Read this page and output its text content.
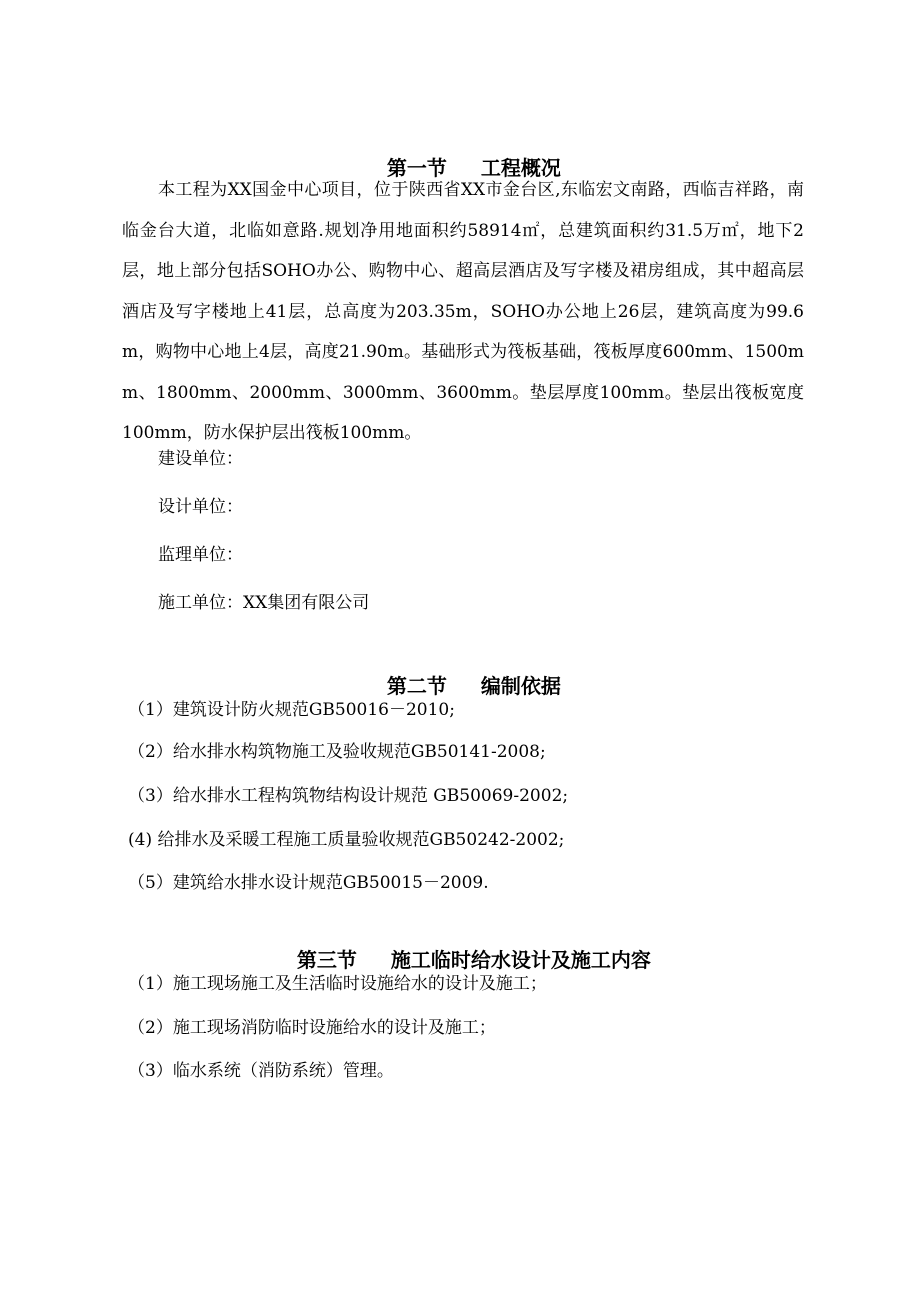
第一节 工程概况

本工程为XX国金中心项目，位于陕西省XX市金台区,东临宏文南路，西临吉祥路，南临金台大道，北临如意路.规划净用地面积约58914㎡，总建筑面积约31.5万㎡，地下2层，地上部分包括SOHO办公、购物中心、超高层酒店及写字楼及裙房组成，其中超高层酒店及写字楼地上41层，总高度为203.35m，SOHO办公地上26层，建筑高度为99.6m，购物中心地上4层，高度21.90m。基础形式为筏板基础，筏板厚度600mm、1500mm、1800mm、2000mm、3000mm、3600mm。垫层厚度100mm。垫层出筏板宽度100mm，防水保护层出筏板100mm。
建设单位：
设计单位：
监理单位：
施工单位：XX集团有限公司

第二节 编制依据

（1）建筑设计防火规范GB50016－2010;
（2）给水排水构筑物施工及验收规范GB50141-2008;
（3）给水排水工程构筑物结构设计规范 GB50069-2002;
(4) 给排水及采暖工程施工质量验收规范GB50242-2002;
（5）建筑给水排水设计规范GB50015－2009.

第三节 施工临时给水设计及施工内容

（1）施工现场施工及生活临时设施给水的设计及施工；
（2）施工现场消防临时设施给水的设计及施工；
（3）临水系统（消防系统）管理。
